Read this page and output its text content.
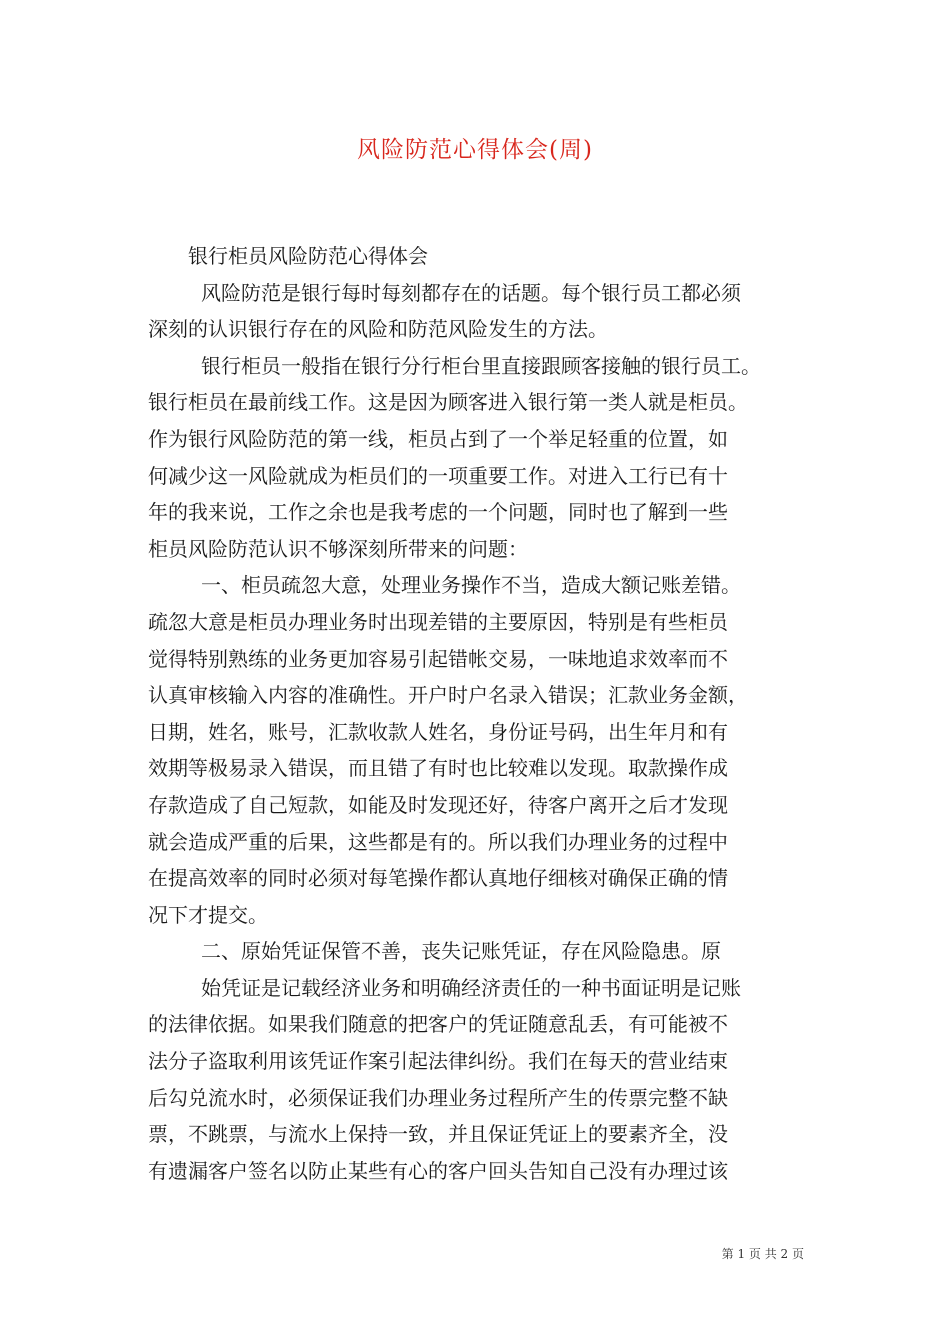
风险防范心得体会(周)
银行柜员风险防范心得体会
风险防范是银行每时每刻都存在的话题。每个银行员工都必须
深刻的认识银行存在的风险和防范风险发生的方法。
银行柜员一般指在银行分行柜台里直接跟顾客接触的银行员工。
银行柜员在最前线工作。这是因为顾客进入银行第一类人就是柜员。
作为银行风险防范的第一线，柜员占到了一个举足轻重的位置，如
何减少这一风险就成为柜员们的一项重要工作。对进入工行已有十
年的我来说，工作之余也是我考虑的一个问题，同时也了解到一些
柜员风险防范认识不够深刻所带来的问题：
一、柜员疏忽大意，处理业务操作不当，造成大额记账差错。
疏忽大意是柜员办理业务时出现差错的主要原因，特别是有些柜员
觉得特别熟练的业务更加容易引起错帐交易，一味地追求效率而不
认真审核输入内容的准确性。开户时户名录入错误；汇款业务金额，
日期，姓名，账号，汇款收款人姓名，身份证号码，出生年月和有
效期等极易录入错误，而且错了有时也比较难以发现。取款操作成
存款造成了自己短款，如能及时发现还好，待客户离开之后才发现
就会造成严重的后果，这些都是有的。所以我们办理业务的过程中
在提高效率的同时必须对每笔操作都认真地仔细核对确保正确的情
况下才提交。
二、原始凭证保管不善，丧失记账凭证，存在风险隐患。原
始凭证是记载经济业务和明确经济责任的一种书面证明是记账
的法律依据。如果我们随意的把客户的凭证随意乱丢，有可能被不
法分子盗取利用该凭证作案引起法律纠纷。我们在每天的营业结束
后勾兑流水时，必须保证我们办理业务过程所产生的传票完整不缺
票，不跳票，与流水上保持一致，并且保证凭证上的要素齐全，没
有遗漏客户签名以防止某些有心的客户回头告知自己没有办理过该
第 1 页 共 2 页
